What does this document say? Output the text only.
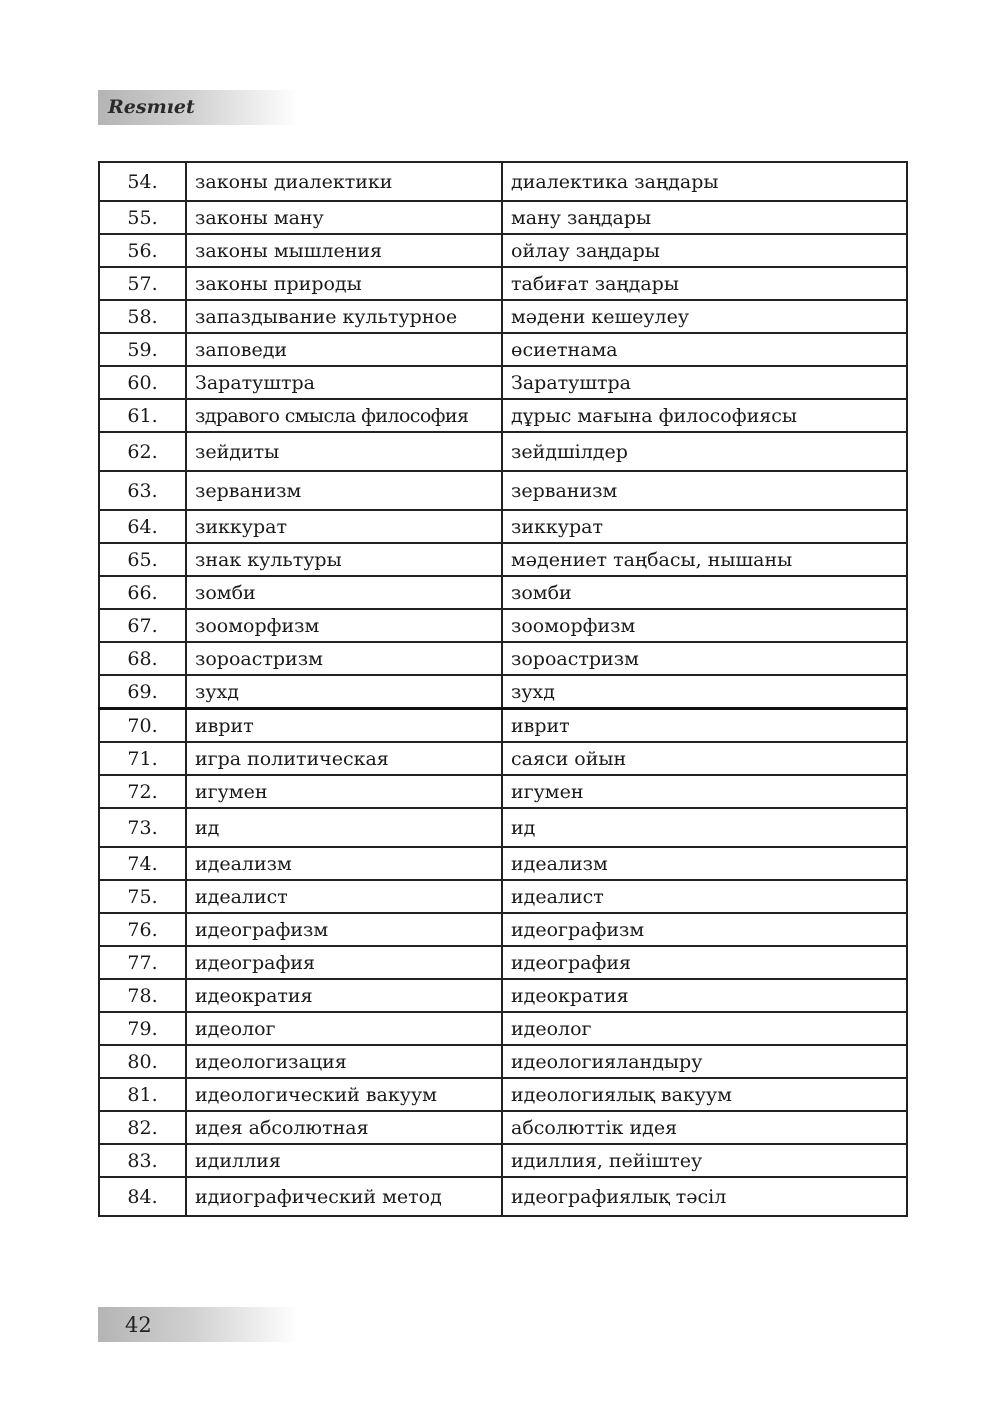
Resmıet
54.	законы диалектики	диалектика заңдары
55.	законы ману	ману заңдары
56.	законы мышления	ойлау заңдары
57.	законы природы	табиғат заңдары
58.	запаздывание культурное	мәдени кешеулеу
59.	заповеди	өсиетнама
60.	Заратуштра	Заратуштра
61.	здравого смысла философия	дұрыс мағына философиясы
62.	зейдиты	зейдшілдер
63.	зерванизм	зерванизм
64.	зиккурат	зиккурат
65.	знак культуры	мәдениет таңбасы, нышаны
66.	зомби	зомби
67.	зооморфизм	зооморфизм
68.	зороастризм	зороастризм
69.	зухд	зухд
70.	иврит	иврит
71.	игра политическая	саяси ойын
72.	игумен	игумен
73.	ид	ид
74.	идеализм	идеализм
75.	идеалист	идеалист
76.	идеографизм	идеографизм
77.	идеография	идеография
78.	идеократия	идеократия
79.	идеолог	идеолог
80.	идеологизация	идеологияландыру
81.	идеологический вакуум	идеологиялық вакуум
82.	идея абсолютная	абсолюттік идея
83.	идиллия	идиллия, пейіштеу
84.	идиографический метод	идеографиялық тәсіл
42
